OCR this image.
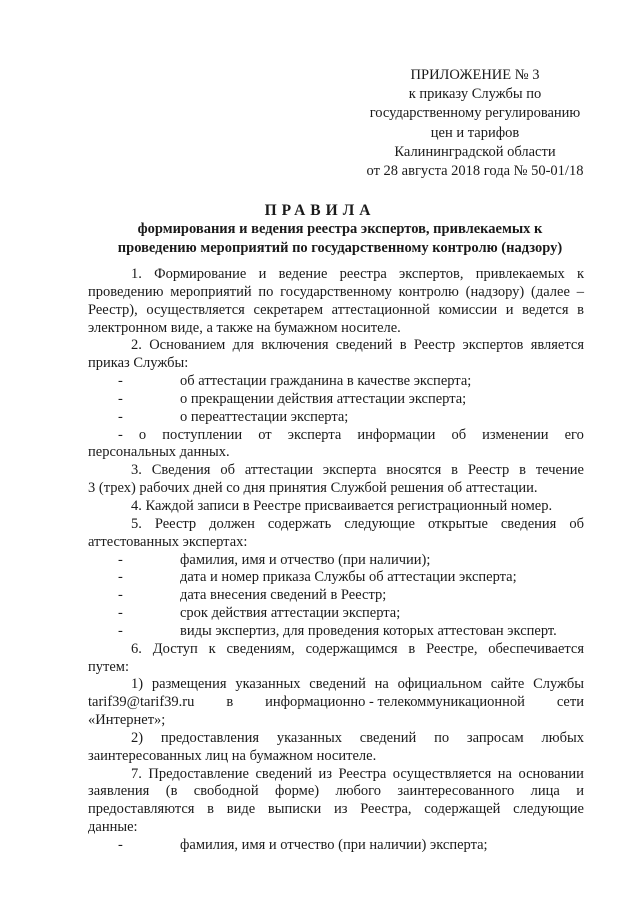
ПРИЛОЖЕНИЕ № 3
к приказу Службы по
государственному регулированию
цен и тарифов
Калининградской области
от 28 августа 2018 года № 50-01/18
ПРАВИЛА
формирования и ведения реестра экспертов, привлекаемых к
проведению мероприятий по государственному контролю (надзору)
1. Формирование и ведение реестра экспертов, привлекаемых к
проведению мероприятий по государственному контролю (надзору) (далее –
Реестр), осуществляется секретарем аттестационной комиссии и ведется в
электронном виде, а также на бумажном носителе.
2. Основанием для включения сведений в Реестр экспертов является
приказ Службы:
-	об аттестации гражданина в качестве эксперта;
-	о прекращении действия аттестации эксперта;
-	о переаттестации эксперта;
- о поступлении от эксперта информации об изменении его
персональных данных.
3. Сведения об аттестации эксперта вносятся в Реестр в течение
3 (трех) рабочих дней со дня принятия Службой решения об аттестации.
4. Каждой записи в Реестре присваивается регистрационный номер.
5. Реестр должен содержать следующие открытые сведения об
аттестованных экспертах:
-	фамилия, имя и отчество (при наличии);
-	дата и номер приказа Службы об аттестации эксперта;
-	дата внесения сведений в Реестр;
-	срок действия аттестации эксперта;
-	виды экспертиз, для проведения которых аттестован эксперт.
6. Доступ к сведениям, содержащимся в Реестре, обеспечивается
путем:
1) размещения указанных сведений на официальном сайте Службы
tarif39@tarif39.ru в информационно - телекоммуникационной сети
«Интернет»;
2) предоставления указанных сведений по запросам любых
заинтересованных лиц на бумажном носителе.
7. Предоставление сведений из Реестра осуществляется на основании
заявления (в свободной форме) любого заинтересованного лица и
предоставляются в виде выписки из Реестра, содержащей следующие
данные:
-	фамилия, имя и отчество (при наличии) эксперта;
